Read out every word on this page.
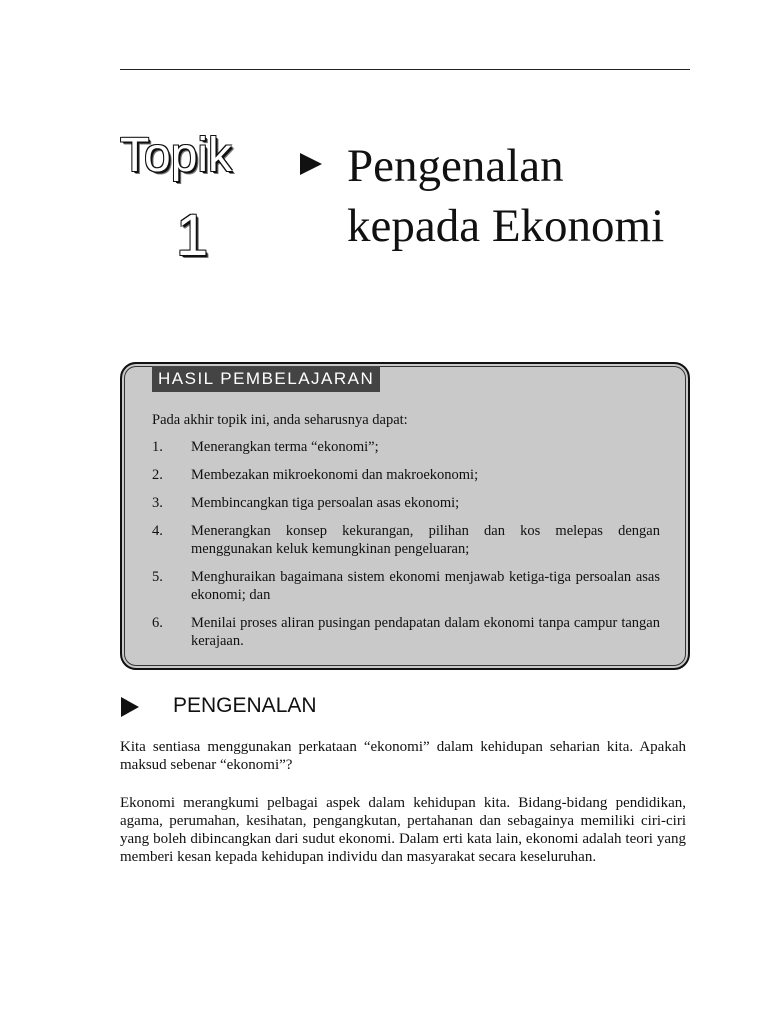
Topik
1
Pengenalan kepada Ekonomi
HASIL PEMBELAJARAN
Pada akhir topik ini, anda seharusnya dapat:
1.	Menerangkan terma “ekonomi”;
2.	Membezakan mikroekonomi dan makroekonomi;
3.	Membincangkan tiga persoalan asas ekonomi;
4.	Menerangkan konsep kekurangan, pilihan dan kos melepas dengan menggunakan keluk kemungkinan pengeluaran;
5.	Menghuraikan bagaimana sistem ekonomi menjawab ketiga-tiga persoalan asas ekonomi; dan
6.	Menilai proses aliran pusingan pendapatan dalam ekonomi tanpa campur tangan kerajaan.
PENGENALAN

Kita sentiasa menggunakan perkataan “ekonomi” dalam kehidupan seharian kita. Apakah maksud sebenar “ekonomi”?

Ekonomi merangkumi pelbagai aspek dalam kehidupan kita. Bidang-bidang pendidikan, agama, perumahan, kesihatan, pengangkutan, pertahanan dan sebagainya memiliki ciri-ciri yang boleh dibincangkan dari sudut ekonomi. Dalam erti kata lain, ekonomi adalah teori yang memberi kesan kepada kehidupan individu dan masyarakat secara keseluruhan.
